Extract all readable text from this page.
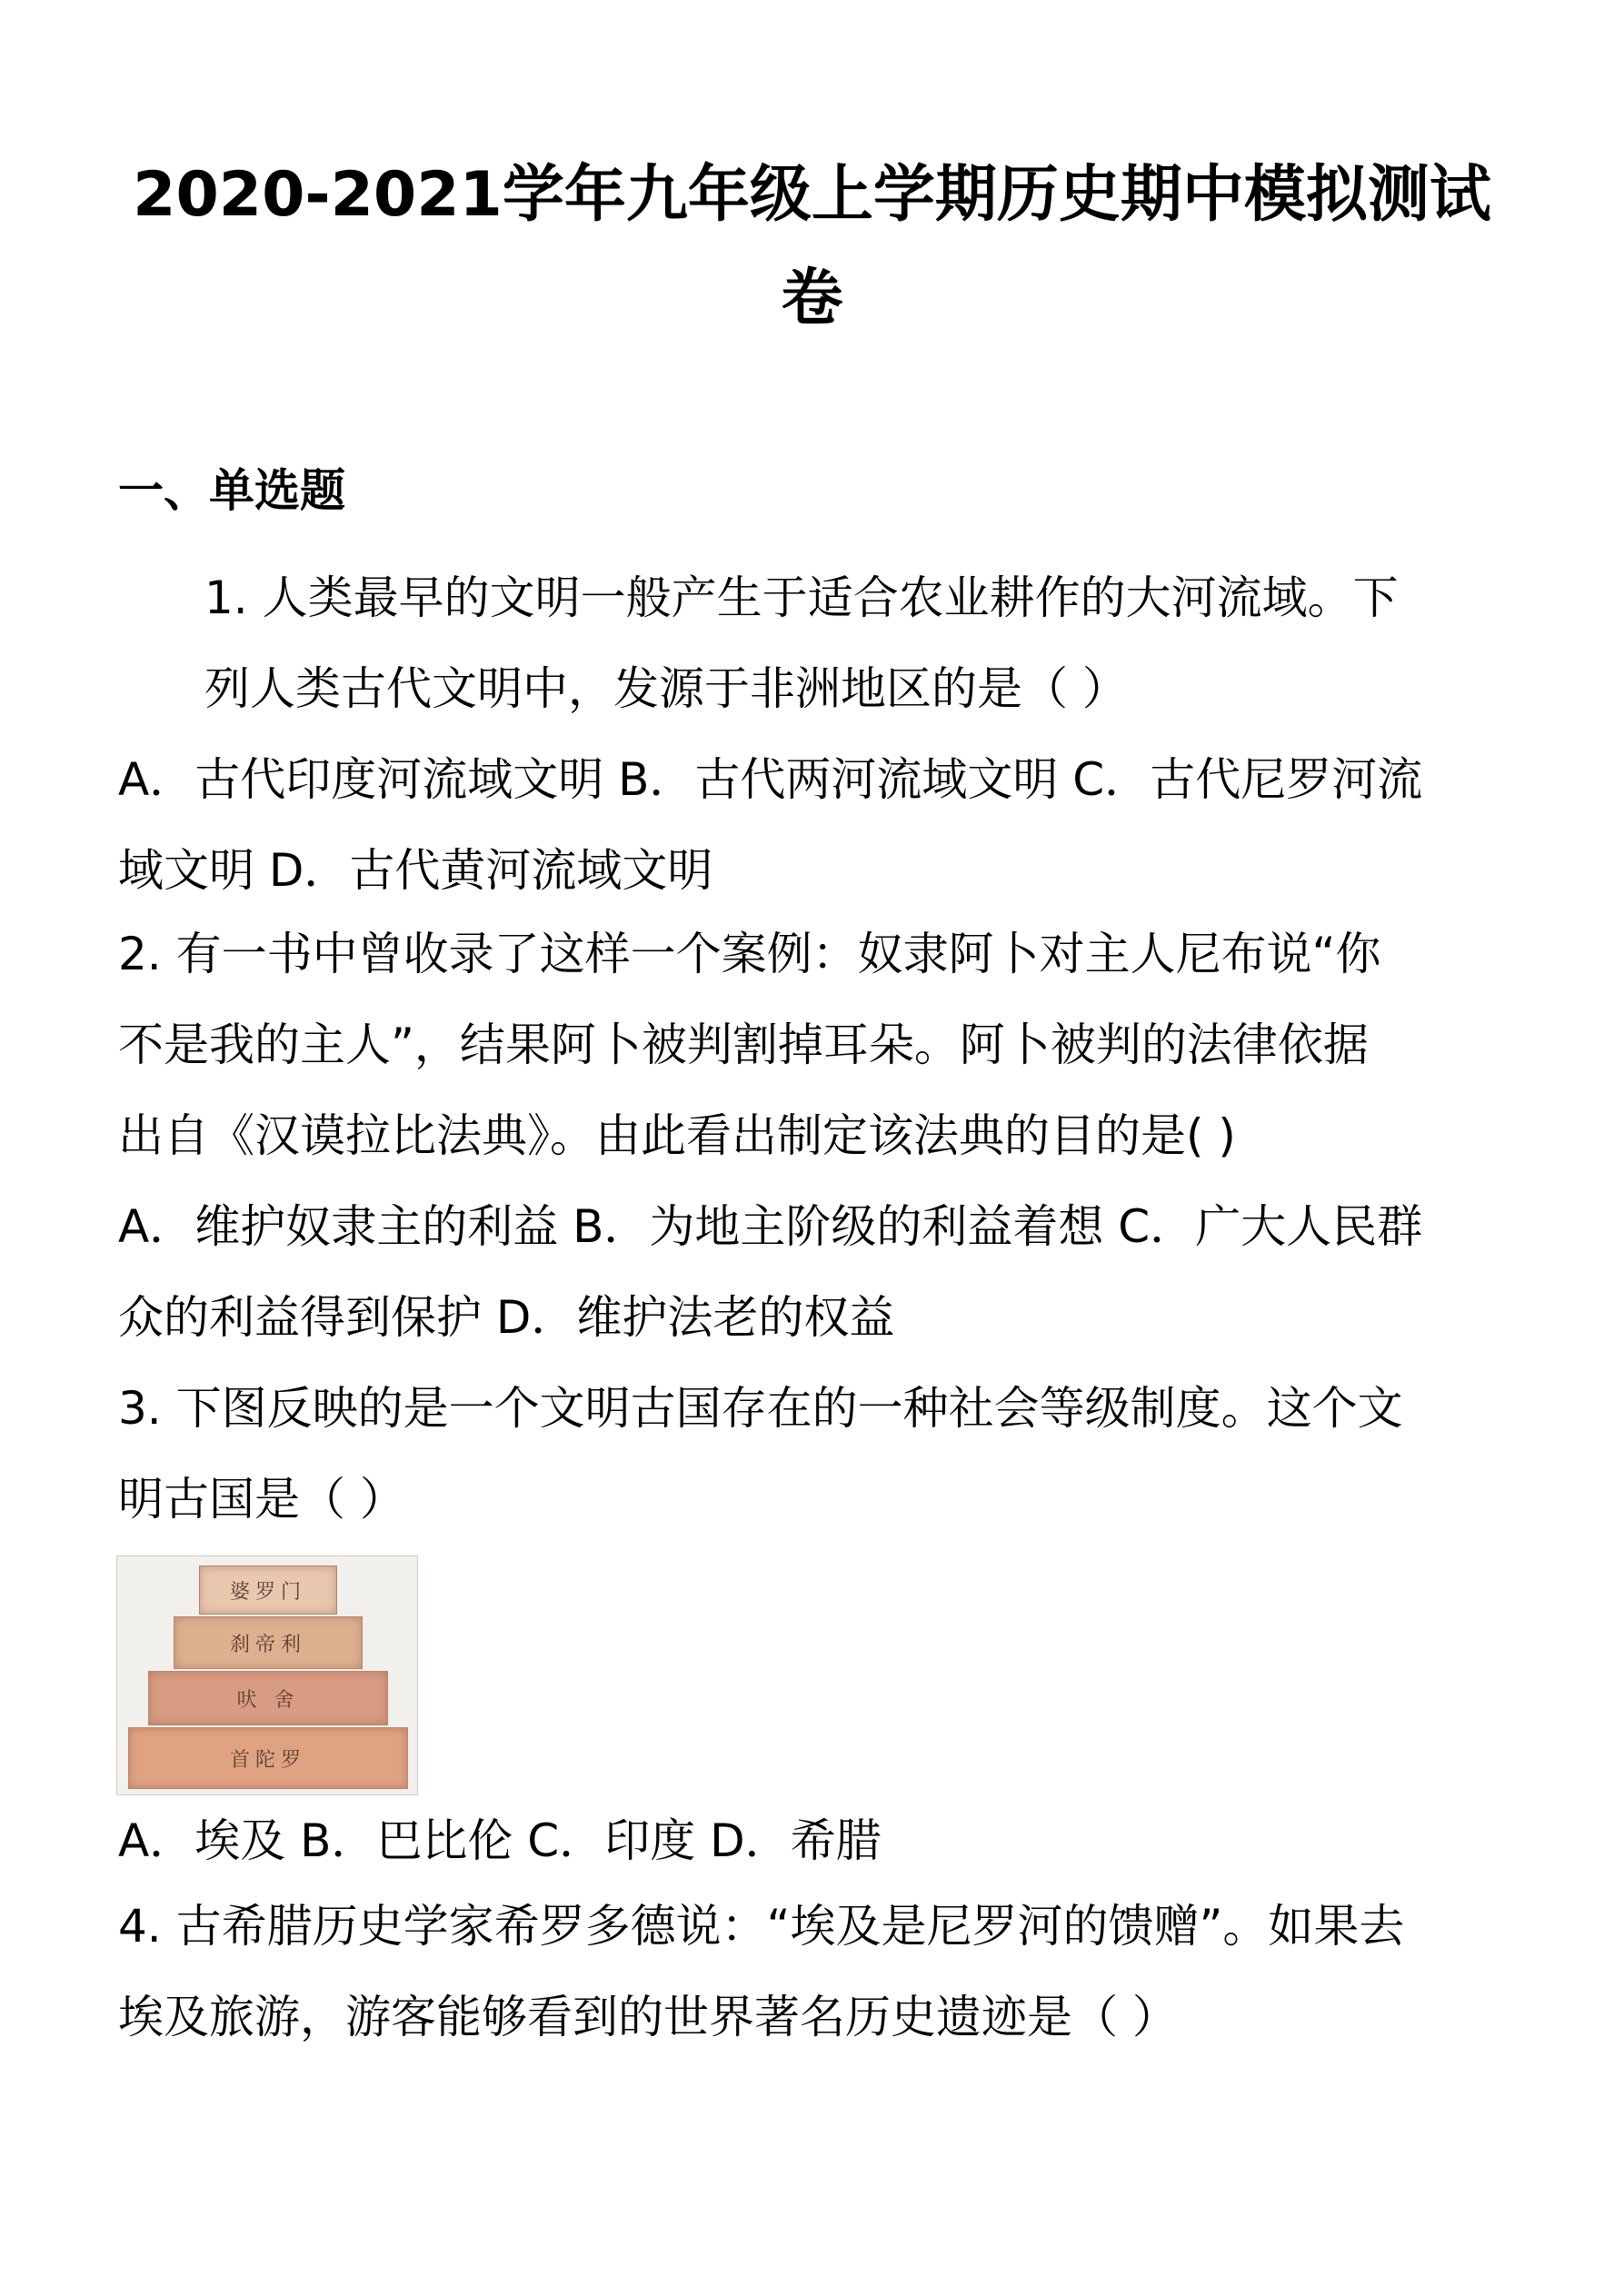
2020-2021学年九年级上学期历史期中模拟测试卷
一、单选题
1. 人类最早的文明一般产生于适合农业耕作的大河流域。下
列人类古代文明中，发源于非洲地区的是（ ）
A．古代印度河流域文明 B．古代两河流域文明 C．古代尼罗河流
域文明 D．古代黄河流域文明
2. 有一书中曾收录了这样一个案例：奴隶阿卜对主人尼布说“你
不是我的主人”，结果阿卜被判割掉耳朵。阿卜被判的法律依据
出自《汉谟拉比法典》。由此看出制定该法典的目的是( )
A．维护奴隶主的利益 B．为地主阶级的利益着想 C．广大人民群
众的利益得到保护 D．维护法老的权益
3. 下图反映的是一个文明古国存在的一种社会等级制度。这个文
明古国是（ ）
婆罗门
刹帝利
吠 舍
首陀罗
A．埃及 B．巴比伦 C．印度 D．希腊
4. 古希腊历史学家希罗多德说：“埃及是尼罗河的馈赠”。如果去
埃及旅游，游客能够看到的世界著名历史遗迹是（ ）
